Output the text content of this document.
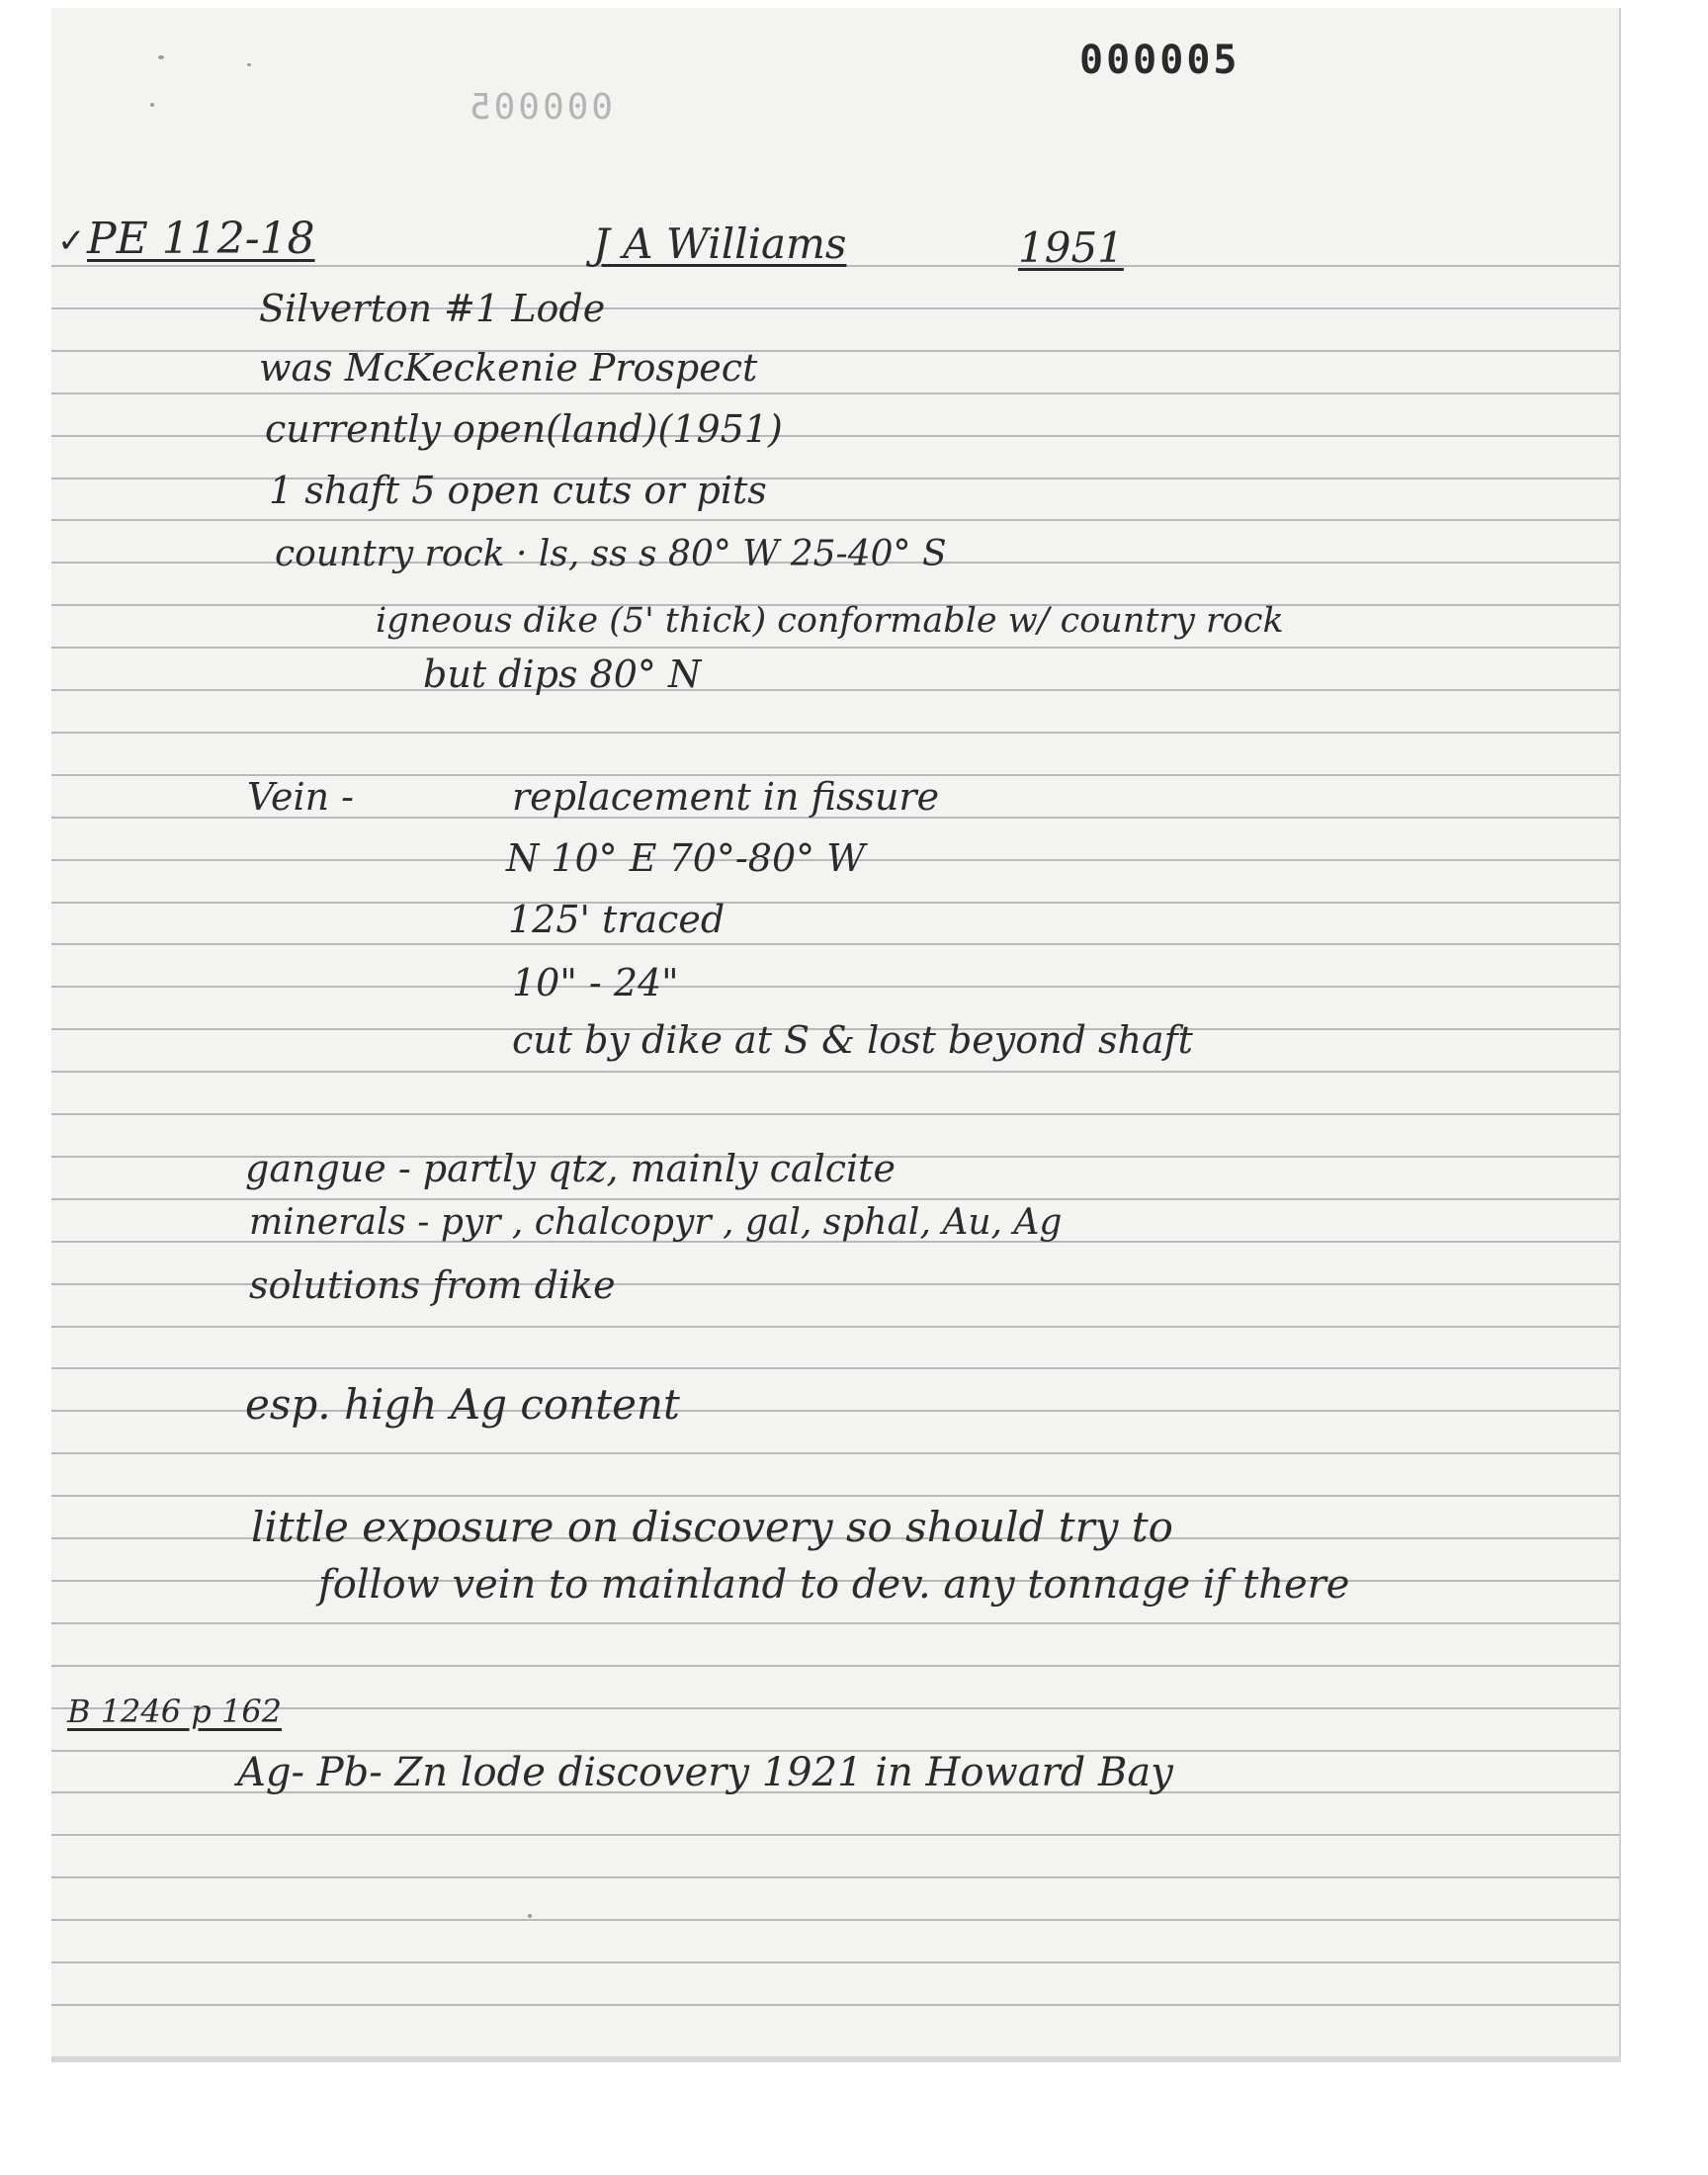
000005
000005
✓ PE 112-18	J A Williams	1951
Silverton #1 Lode
was McKeckenie Prospect
currently open(land)(1951)
1 shaft 5 open cuts or pits
country rock · ls, ss s 80° W 25-40° S
igneous dike (5' thick) conformable w/ country rock
but dips 80° N
Vein -	replacement in fissure
N 10° E 70°-80° W
125' traced
10" - 24"
cut by dike at S & lost beyond shaft
gangue - partly qtz, mainly calcite
minerals - pyr , chalcopyr , gal, sphal, Au, Ag
solutions from dike
esp. high Ag content
little exposure on discovery so should try to
follow vein to mainland to dev. any tonnage if there
B 1246 p 162
Ag- Pb- Zn lode discovery 1921 in Howard Bay
